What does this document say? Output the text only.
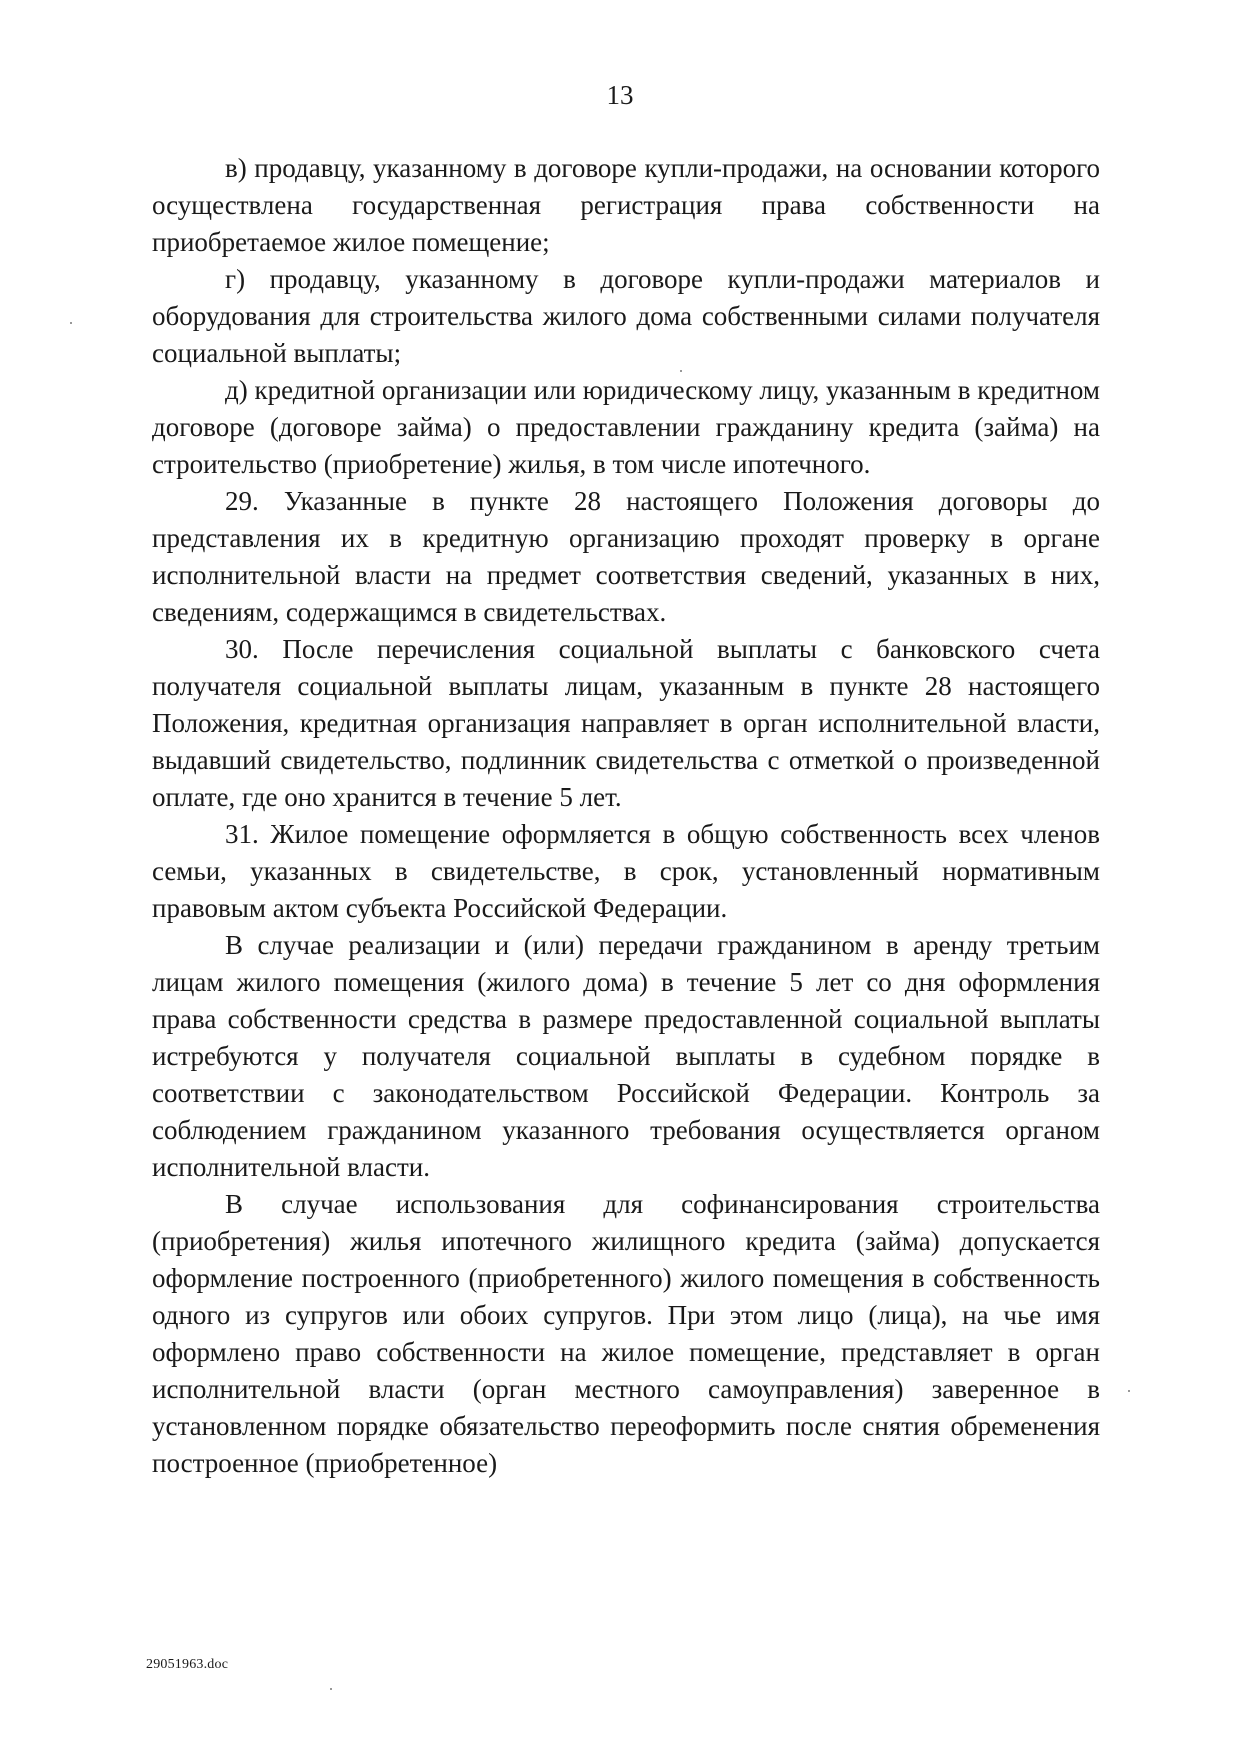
13

в) продавцу, указанному в договоре купли-продажи, на основании которого осуществлена государственная регистрация права собственности на приобретаемое жилое помещение;

г) продавцу, указанному в договоре купли-продажи материалов и оборудования для строительства жилого дома собственными силами получателя социальной выплаты;

д) кредитной организации или юридическому лицу, указанным в кредитном договоре (договоре займа) о предоставлении гражданину кредита (займа) на строительство (приобретение) жилья, в том числе ипотечного.

29. Указанные в пункте 28 настоящего Положения договоры до представления их в кредитную организацию проходят проверку в органе исполнительной власти на предмет соответствия сведений, указанных в них, сведениям, содержащимся в свидетельствах.

30. После перечисления социальной выплаты с банковского счета получателя социальной выплаты лицам, указанным в пункте 28 настоящего Положения, кредитная организация направляет в орган исполнительной власти, выдавший свидетельство, подлинник свидетельства с отметкой о произведенной оплате, где оно хранится в течение 5 лет.

31. Жилое помещение оформляется в общую собственность всех членов семьи, указанных в свидетельстве, в срок, установленный нормативным правовым актом субъекта Российской Федерации.

В случае реализации и (или) передачи гражданином в аренду третьим лицам жилого помещения (жилого дома) в течение 5 лет со дня оформления права собственности средства в размере предоставленной социальной выплаты истребуются у получателя социальной выплаты в судебном порядке в соответствии с законодательством Российской Федерации. Контроль за соблюдением гражданином указанного требования осуществляется органом исполнительной власти.

В случае использования для софинансирования строительства (приобретения) жилья ипотечного жилищного кредита (займа) допускается оформление построенного (приобретенного) жилого помещения в собственность одного из супругов или обоих супругов. При этом лицо (лица), на чье имя оформлено право собственности на жилое помещение, представляет в орган исполнительной власти (орган местного самоуправления) заверенное в установленном порядке обязательство переоформить после снятия обременения построенное (приобретенное)

29051963.doc
